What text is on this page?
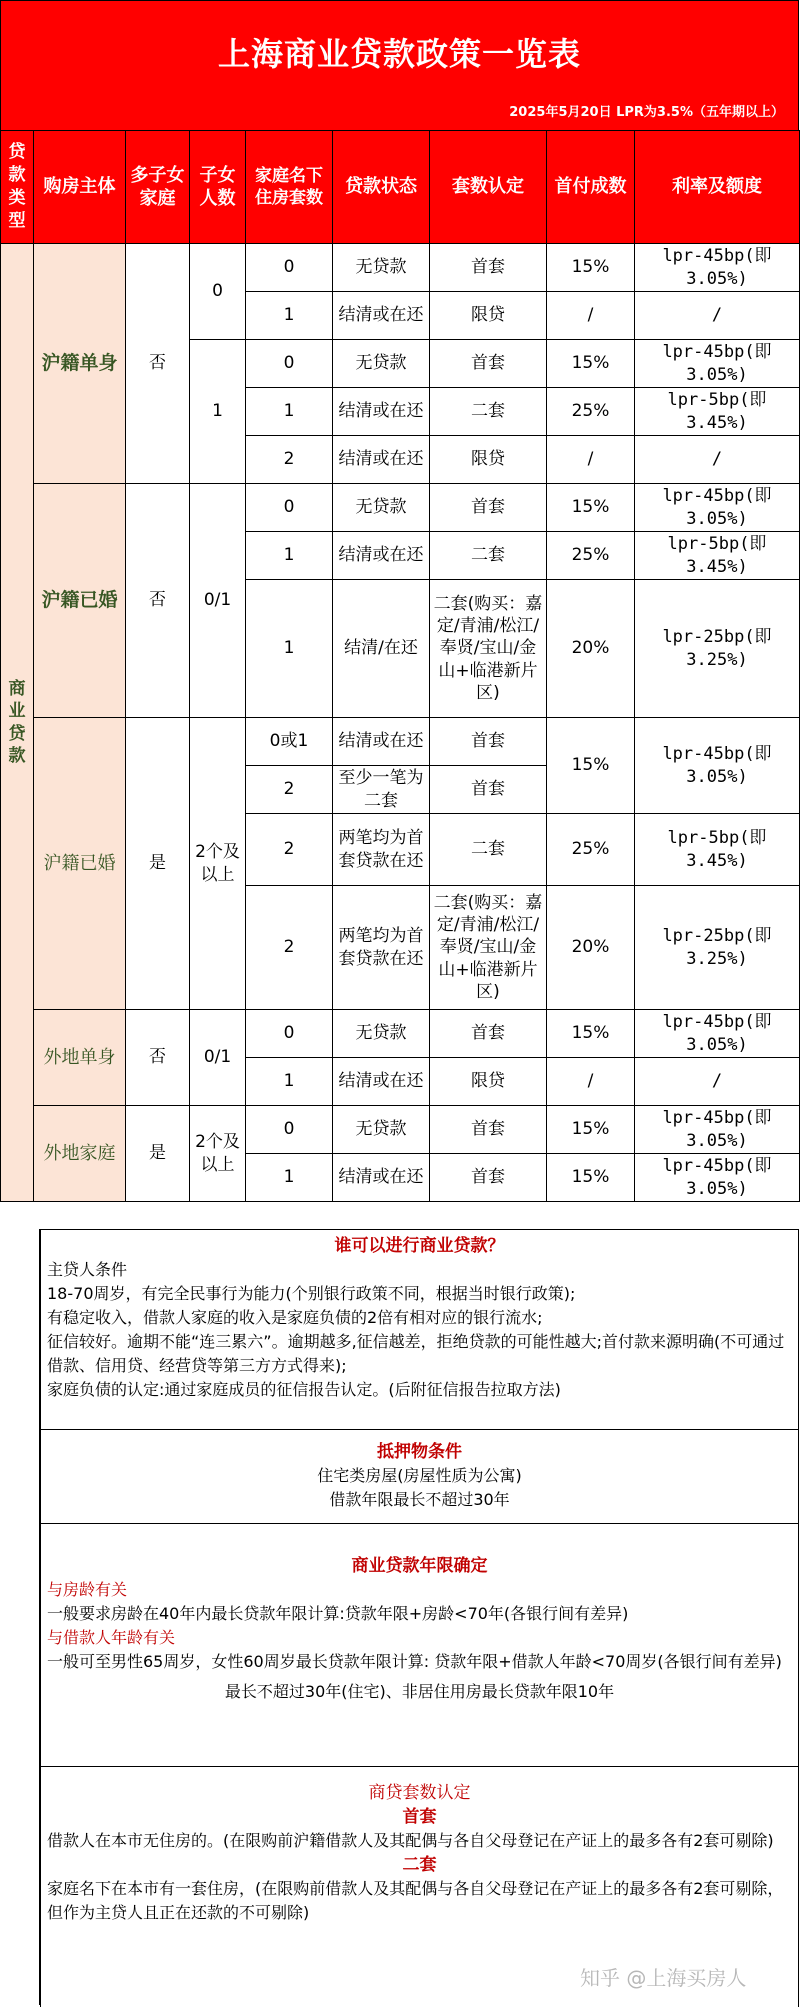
上海商业贷款政策一览表
2025年5月20日 LPR为3.5%（五年期以上）
贷款类型	购房主体	多子女家庭	子女人数	家庭名下住房套数	贷款状态	套数认定	首付成数	利率及额度
商业贷款	沪籍单身	否	0	0	无贷款	首套	15%	lpr-45bp(即3.05%)
				1	结清或在还	限贷	/	/
			1	0	无贷款	首套	15%	lpr-45bp(即3.05%)
				1	结清或在还	二套	25%	lpr-5bp(即3.45%)
				2	结清或在还	限贷	/	/
	沪籍已婚	否	0/1	0	无贷款	首套	15%	lpr-45bp(即3.05%)
				1	结清或在还	二套	25%	lpr-5bp(即3.45%)
				1	结清/在还	二套(购买：嘉定/青浦/松江/奉贤/宝山/金山+临港新片区)	20%	lpr-25bp(即3.25%)
	沪籍已婚	是	2个及以上	0或1	结清或在还	首套	15%	lpr-45bp(即3.05%)
				2	至少一笔为二套	首套		
				2	两笔均为首套贷款在还	二套	25%	lpr-5bp(即3.45%)
				2	两笔均为首套贷款在还	二套(购买：嘉定/青浦/松江/奉贤/宝山/金山+临港新片区)	20%	lpr-25bp(即3.25%)
	外地单身	否	0/1	0	无贷款	首套	15%	lpr-45bp(即3.05%)
				1	结清或在还	限贷	/	/
	外地家庭	是	2个及以上	0	无贷款	首套	15%	lpr-45bp(即3.05%)
				1	结清或在还	首套	15%	lpr-45bp(即3.05%)

谁可以进行商业贷款？

主贷人条件

18-70周岁，有完全民事行为能力(个别银行政策不同，根据当时银行政策);

有稳定收入，借款人家庭的收入是家庭负债的2倍有相对应的银行流水;

征信较好。逾期不能“连三累六”。逾期越多,征信越差，拒绝贷款的可能性越大;首付款来源明确(不可通过借款、信用贷、经营贷等第三方方式得来);

家庭负债的认定:通过家庭成员的征信报告认定。(后附征信报告拉取方法)

抵押物条件

住宅类房屋(房屋性质为公寓)

借款年限最长不超过30年

商业贷款年限确定

与房龄有关

一般要求房龄在40年内最长贷款年限计算:贷款年限+房龄<70年(各银行间有差异)

与借款人年龄有关

一般可至男性65周岁，女性60周岁最长贷款年限计算: 贷款年限+借款人年龄<70周岁(各银行间有差异)

最长不超过30年(住宅)、非居住用房最长贷款年限10年

商贷套数认定

首套

借款人在本市无住房的。(在限购前沪籍借款人及其配偶与各自父母登记在产证上的最多各有2套可剔除)

二套

家庭名下在本市有一套住房，(在限购前借款人及其配偶与各自父母登记在产证上的最多各有2套可剔除，但作为主贷人且正在还款的不可剔除)

知乎 @上海买房人
